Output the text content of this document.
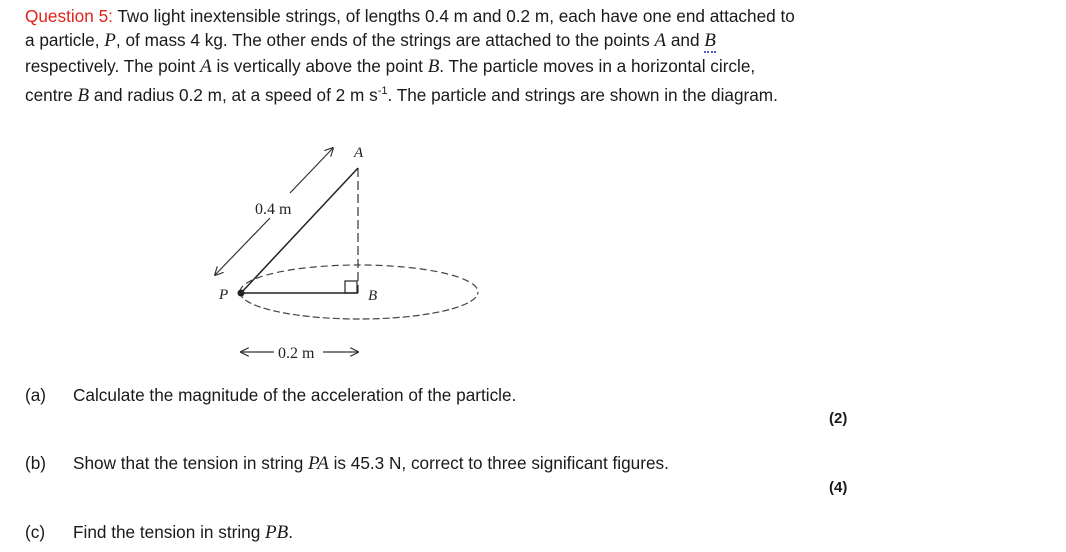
Question 5: Two light inextensible strings, of lengths 0.4 m and 0.2 m, each have one end attached to a particle, P, of mass 4 kg. The other ends of the strings are attached to the points A and B respectively. The point A is vertically above the point B. The particle moves in a horizontal circle, centre B and radius 0.2 m, at a speed of 2 m $s^{-1}$. The particle and strings are shown in the diagram.
A
B
P
0.4 m
0.2 m
(a) Calculate the magnitude of the acceleration of the particle.
(2)
(b) Show that the tension in string PA is 45.3 N, correct to three significant figures.
(4)
(c) Find the tension in string PB.
